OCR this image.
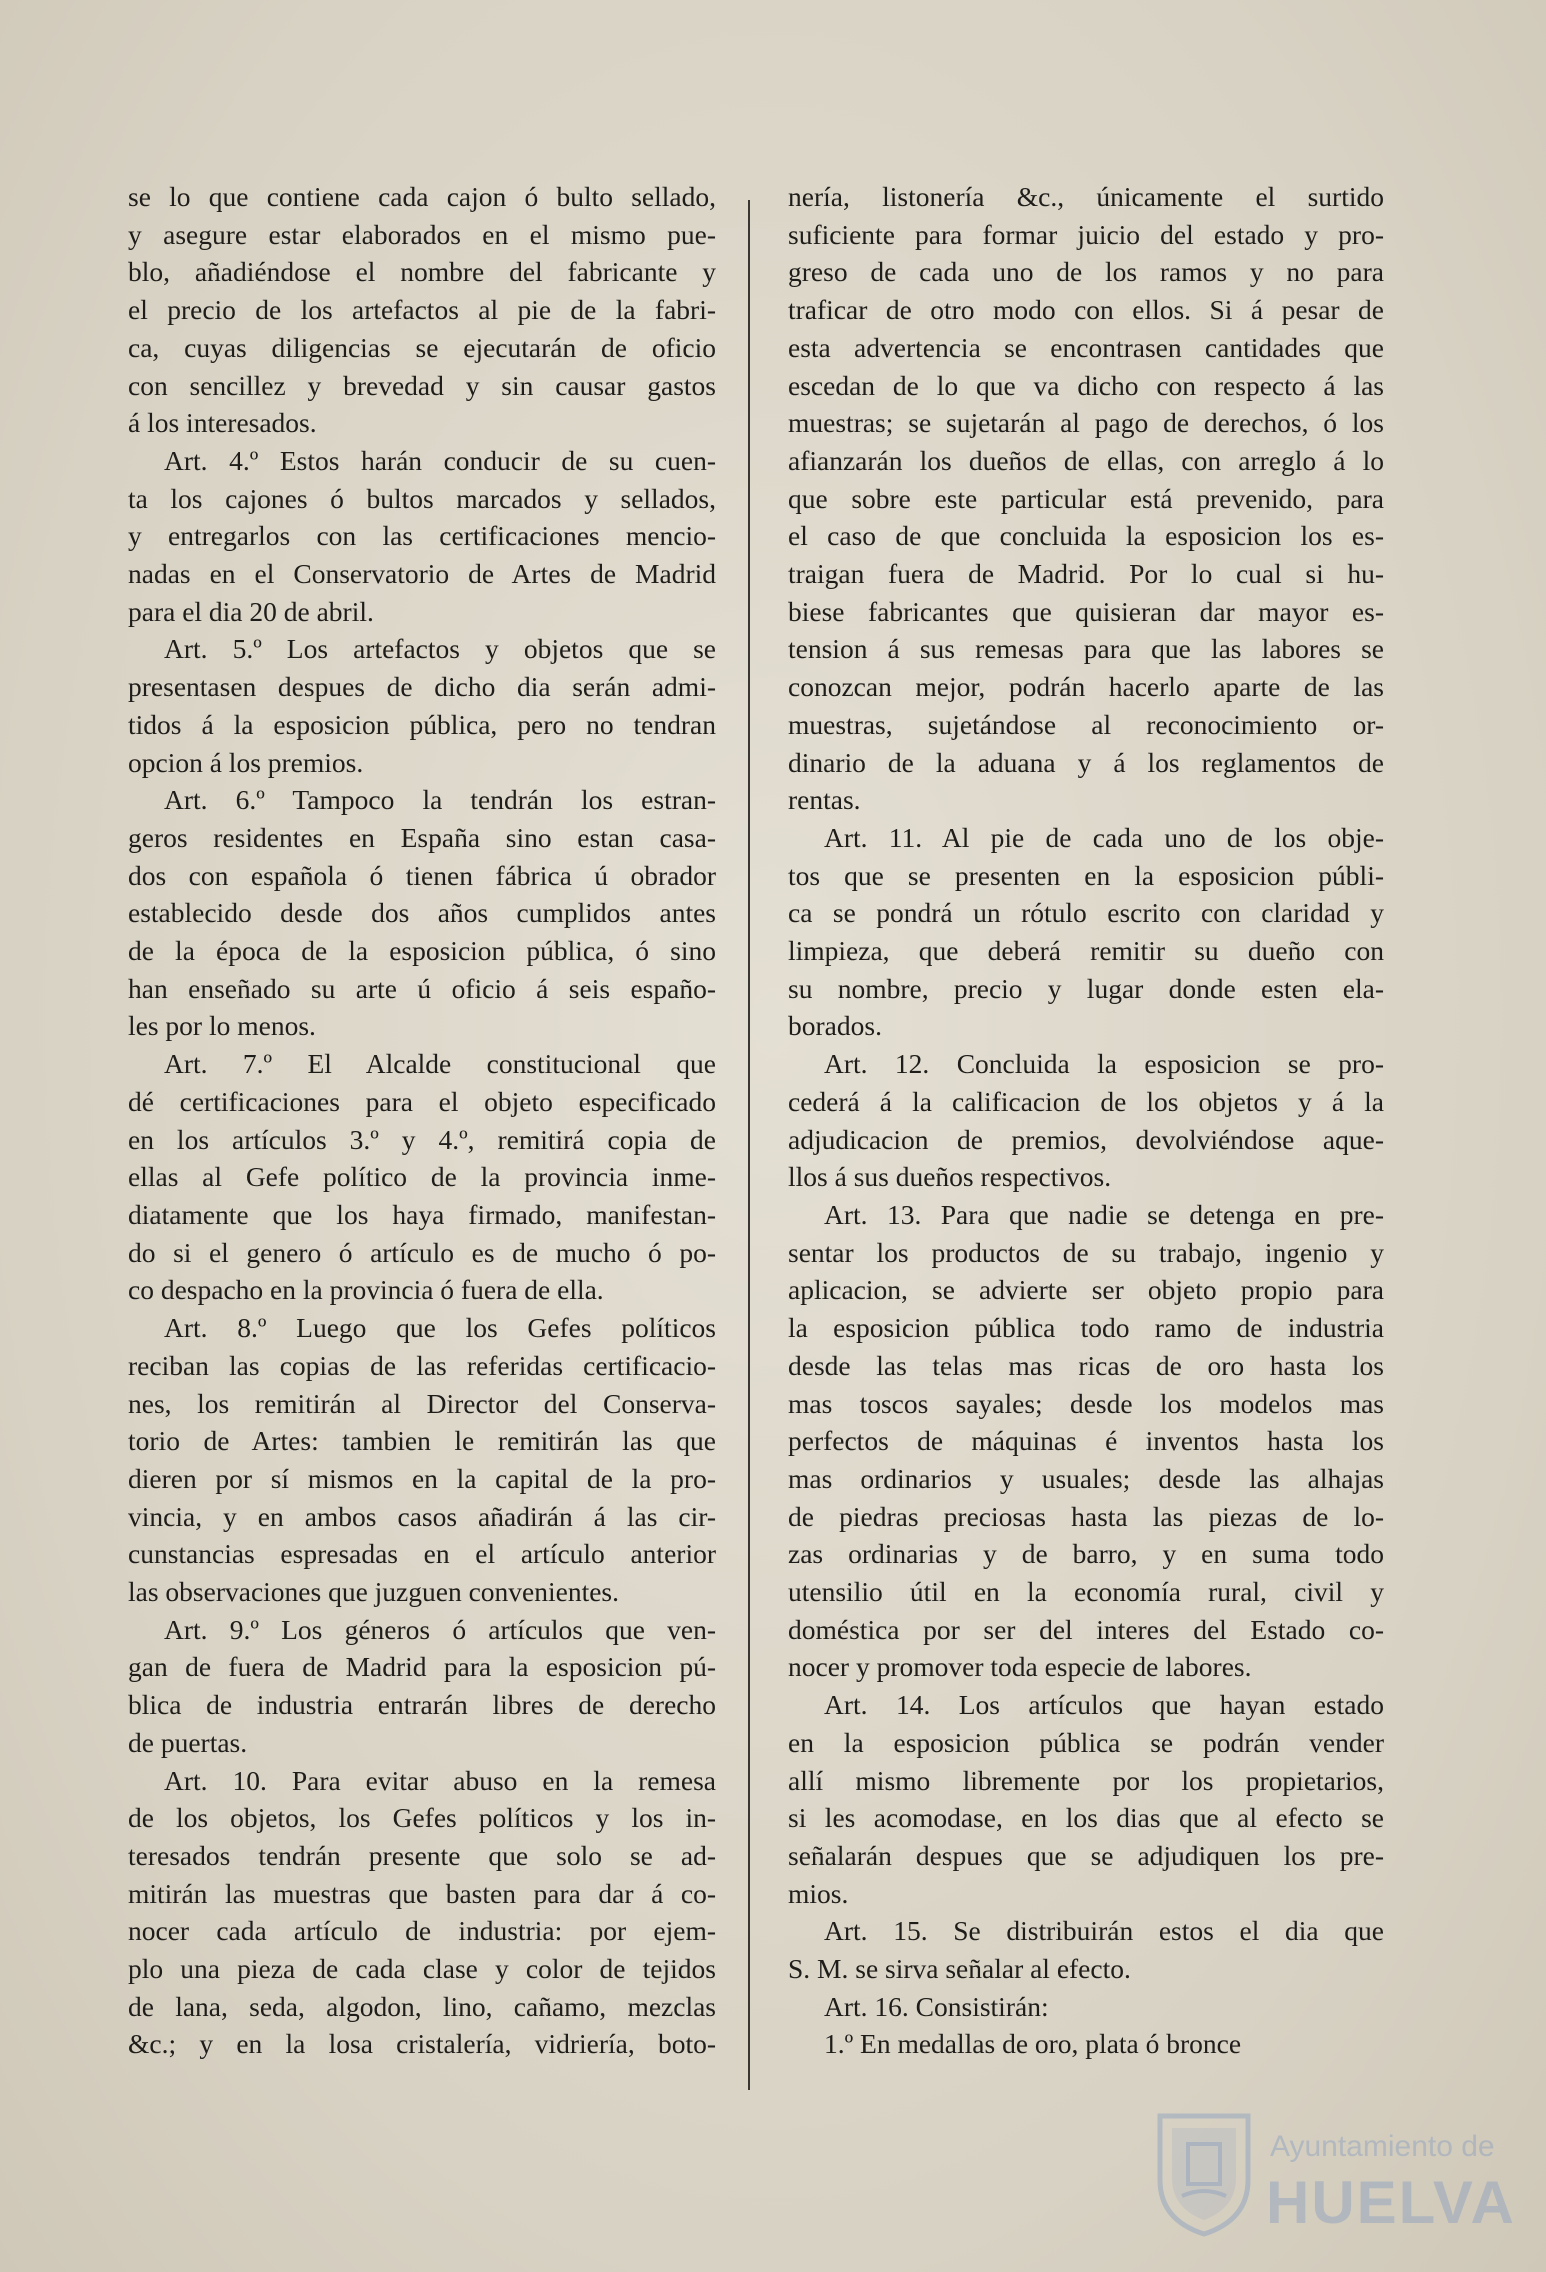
se lo que contiene cada cajon ó bulto sellado,
y asegure estar elaborados en el mismo pue-
blo, añadiéndose el nombre del fabricante y
el precio de los artefactos al pie de la fabri-
ca, cuyas diligencias se ejecutarán de oficio
con sencillez y brevedad y sin causar gastos
á los interesados.
Art. 4.º Estos harán conducir de su cuen-
ta los cajones ó bultos marcados y sellados,
y entregarlos con las certificaciones mencio-
nadas en el Conservatorio de Artes de Madrid
para el dia 20 de abril.
Art. 5.º Los artefactos y objetos que se
presentasen despues de dicho dia serán admi-
tidos á la esposicion pública, pero no tendran
opcion á los premios.
Art. 6.º Tampoco la tendrán los estran-
geros residentes en España sino estan casa-
dos con española ó tienen fábrica ú obrador
establecido desde dos años cumplidos antes
de la época de la esposicion pública, ó sino
han enseñado su arte ú oficio á seis españo-
les por lo menos.
Art. 7.º El Alcalde constitucional que
dé certificaciones para el objeto especificado
en los artículos 3.º y 4.º, remitirá copia de
ellas al Gefe político de la provincia inme-
diatamente que los haya firmado, manifestan-
do si el genero ó artículo es de mucho ó po-
co despacho en la provincia ó fuera de ella.
Art. 8.º Luego que los Gefes políticos
reciban las copias de las referidas certificacio-
nes, los remitirán al Director del Conserva-
torio de Artes: tambien le remitirán las que
dieren por sí mismos en la capital de la pro-
vincia, y en ambos casos añadirán á las cir-
cunstancias espresadas en el artículo anterior
las observaciones que juzguen convenientes.
Art. 9.º Los géneros ó artículos que ven-
gan de fuera de Madrid para la esposicion pú-
blica de industria entrarán libres de derecho
de puertas.
Art. 10. Para evitar abuso en la remesa
de los objetos, los Gefes políticos y los in-
teresados tendrán presente que solo se ad-
mitirán las muestras que basten para dar á co-
nocer cada artículo de industria: por ejem-
plo una pieza de cada clase y color de tejidos
de lana, seda, algodon, lino, cañamo, mezclas
&c.; y en la losa cristalería, vidriería, boto-
nería, listonería &c., únicamente el surtido
suficiente para formar juicio del estado y pro-
greso de cada uno de los ramos y no para
traficar de otro modo con ellos. Si á pesar de
esta advertencia se encontrasen cantidades que
escedan de lo que va dicho con respecto á las
muestras; se sujetarán al pago de derechos, ó los
afianzarán los dueños de ellas, con arreglo á lo
que sobre este particular está prevenido, para
el caso de que concluida la esposicion los es-
traigan fuera de Madrid. Por lo cual si hu-
biese fabricantes que quisieran dar mayor es-
tension á sus remesas para que las labores se
conozcan mejor, podrán hacerlo aparte de las
muestras, sujetándose al reconocimiento or-
dinario de la aduana y á los reglamentos de
rentas.
Art. 11. Al pie de cada uno de los obje-
tos que se presenten en la esposicion públi-
ca se pondrá un rótulo escrito con claridad y
limpieza, que deberá remitir su dueño con
su nombre, precio y lugar donde esten ela-
borados.
Art. 12. Concluida la esposicion se pro-
cederá á la calificacion de los objetos y á la
adjudicacion de premios, devolviéndose aque-
llos á sus dueños respectivos.
Art. 13. Para que nadie se detenga en pre-
sentar los productos de su trabajo, ingenio y
aplicacion, se advierte ser objeto propio para
la esposicion pública todo ramo de industria
desde las telas mas ricas de oro hasta los
mas toscos sayales; desde los modelos mas
perfectos de máquinas é inventos hasta los
mas ordinarios y usuales; desde las alhajas
de piedras preciosas hasta las piezas de lo-
zas ordinarias y de barro, y en suma todo
utensilio útil en la economía rural, civil y
doméstica por ser del interes del Estado co-
nocer y promover toda especie de labores.
Art. 14. Los artículos que hayan estado
en la esposicion pública se podrán vender
allí mismo libremente por los propietarios,
si les acomodase, en los dias que al efecto se
señalarán despues que se adjudiquen los pre-
mios.
Art. 15. Se distribuirán estos el dia que
S. M. se sirva señalar al efecto.
Art. 16. Consistirán:
1.º En medallas de oro, plata ó bronce
Ayuntamiento de
HUELVA
